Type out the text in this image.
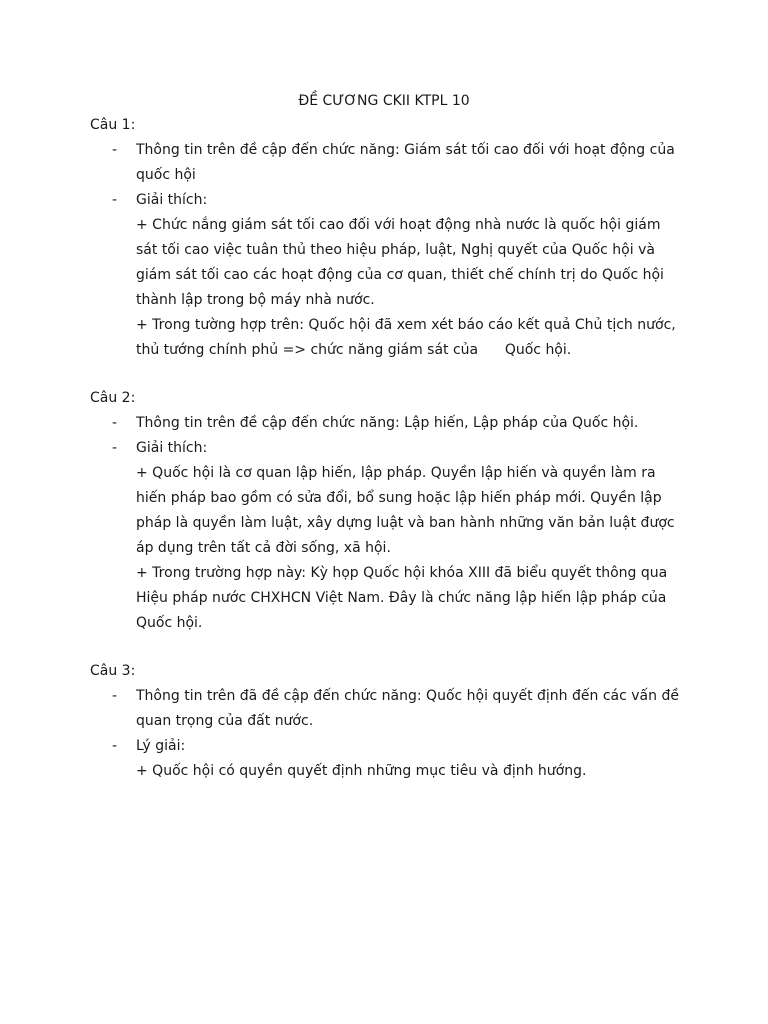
ĐỀ CƯƠNG CKII KTPL 10
Câu 1:
- Thông tin trên đề cập đến chức năng: Giám sát tối cao đối với hoạt động của
quốc hội
- Giải thích:
+ Chức nắng giám sát tối cao đối với hoạt động nhà nước là quốc hội giám
sát tối cao việc tuân thủ theo hiệu pháp, luật, Nghị quyết của Quốc hội và
giám sát tối cao các hoạt động của cơ quan, thiết chế chính trị do Quốc hội
thành lập trong bộ máy nhà nước.
+ Trong tường hợp trên: Quốc hội đã xem xét báo cáo kết quả Chủ tịch nước,
thủ tướng chính phủ => chức năng giám sát của      Quốc hội.
Câu 2:
- Thông tin trên đề cập đến chức năng: Lập hiến, Lập pháp của Quốc hội.
- Giải thích:
+ Quốc hội là cơ quan lập hiến, lập pháp. Quyền lập hiến và quyền làm ra
hiến pháp bao gồm có sửa đổi, bổ sung hoặc lập hiến pháp mới. Quyền lập
pháp là quyền làm luật, xây dựng luật và ban hành những văn bản luật được
áp dụng trên tất cả đời sống, xã hội.
+ Trong trường hợp này: Kỳ họp Quốc hội khóa XIII đã biểu quyết thông qua
Hiệu pháp nước CHXHCN Việt Nam. Đây là chức năng lập hiến lập pháp của
Quốc hội.
Câu 3:
- Thông tin trên đã đề cập đến chức năng: Quốc hội quyết định đến các vấn đề
quan trọng của đất nước.
- Lý giải:
+ Quốc hội có quyền quyết định những mục tiêu và định hướng.
